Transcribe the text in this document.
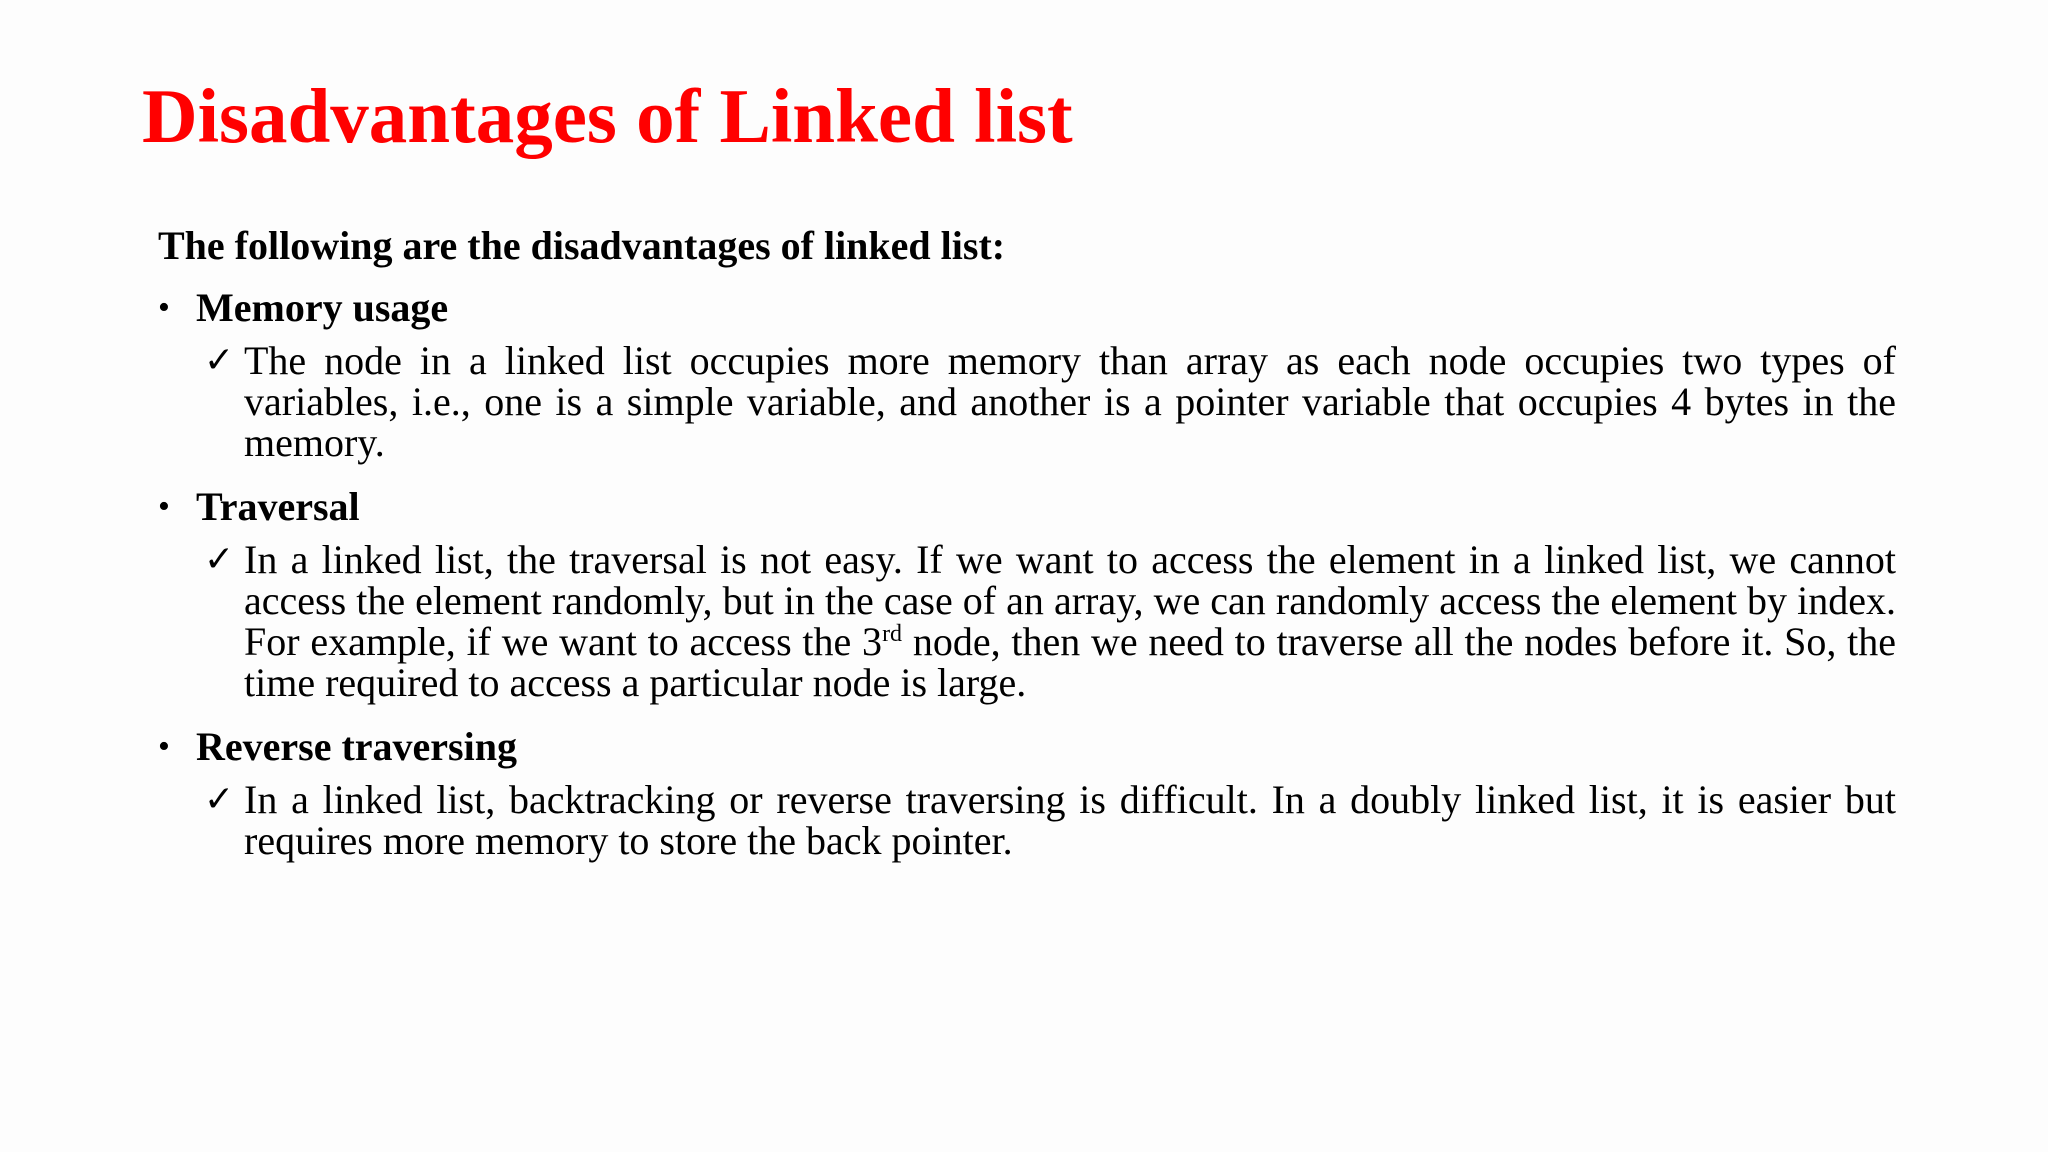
Disadvantages of Linked list

The following are the disadvantages of linked list:

• Memory usage
✓ The node in a linked list occupies more memory than array as each node occupies two types of variables, i.e., one is a simple variable, and another is a pointer variable that occupies 4 bytes in the memory.
• Traversal
✓ In a linked list, the traversal is not easy. If we want to access the element in a linked list, we cannot access the element randomly, but in the case of an array, we can randomly access the element by index. For example, if we want to access the 3rd node, then we need to traverse all the nodes before it. So, the time required to access a particular node is large.
• Reverse traversing
✓ In a linked list, backtracking or reverse traversing is difficult. In a doubly linked list, it is easier but requires more memory to store the back pointer.
